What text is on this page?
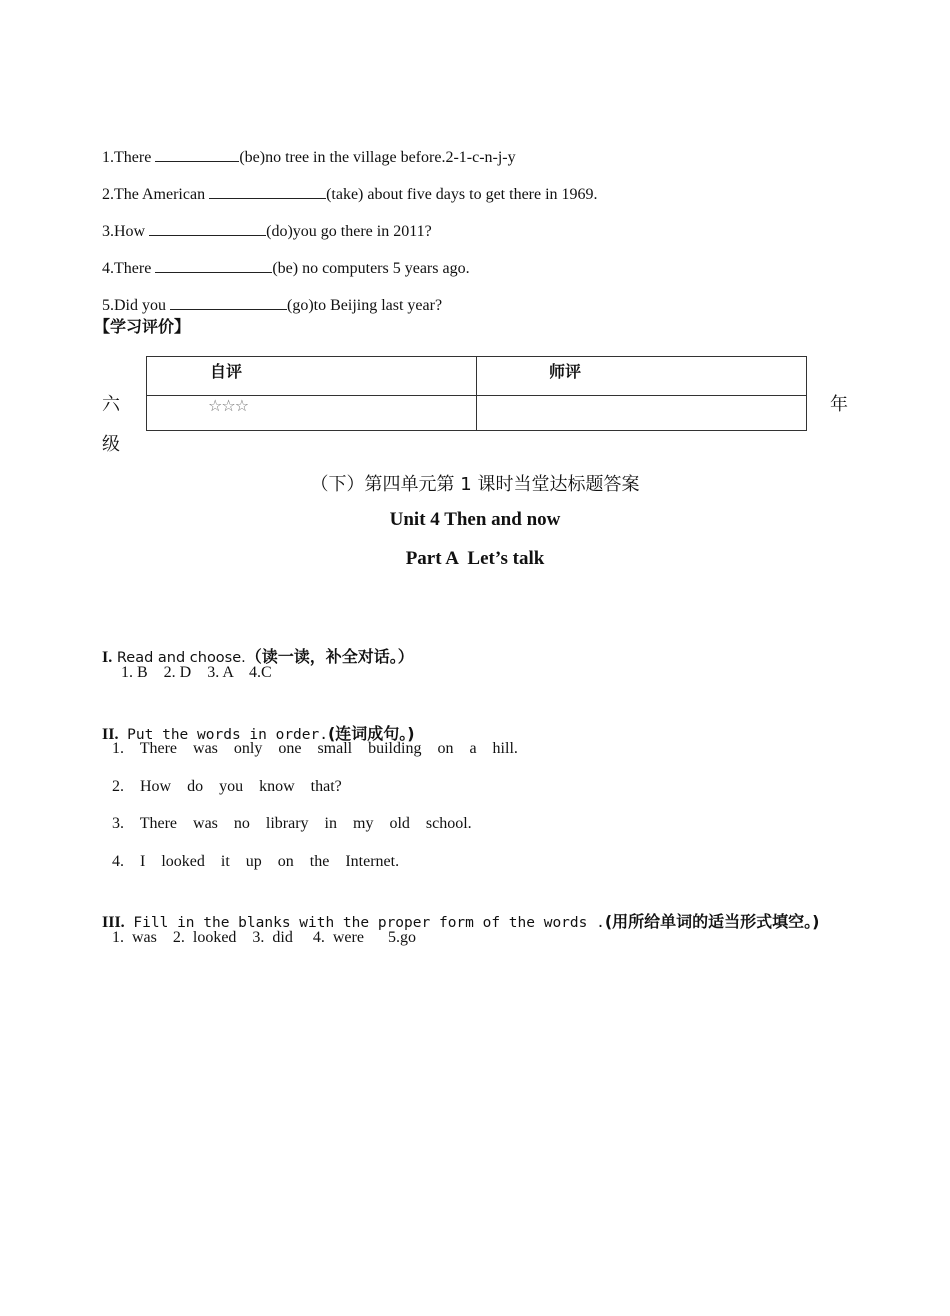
1.There	(be)no tree in the village before.2-1-c-n-j-y

2.The American	(take) about five days to get there in 1969.

3.How	(do)you go there in 2011?

4.There	(be) no computers 5 years ago.

5.Did you	(go)to Beijing last year?

【学习评价】
自评	师评

☆☆☆	

六	年
级
（下）第四单元第 1 课时当堂达标题答案
Unit 4 Then and now
Part A  Let’s talk

I. Read and choose.（读一读，补全对话。）

1. B    2. D    3. A    4.C

II. Put the words in order.(连词成句。)

1.  There  was  only  one  small  building  on  a  hill.
2.  How  do  you  know  that?
3.  There  was  no  library  in  my  old  school.
4.  I  looked  it  up  on  the  Internet.

III. Fill in the blanks with the proper form of the words .(用所给单词的适当形式填空。)

1.  was    2.  looked    3.  did     4.  were      5.go
